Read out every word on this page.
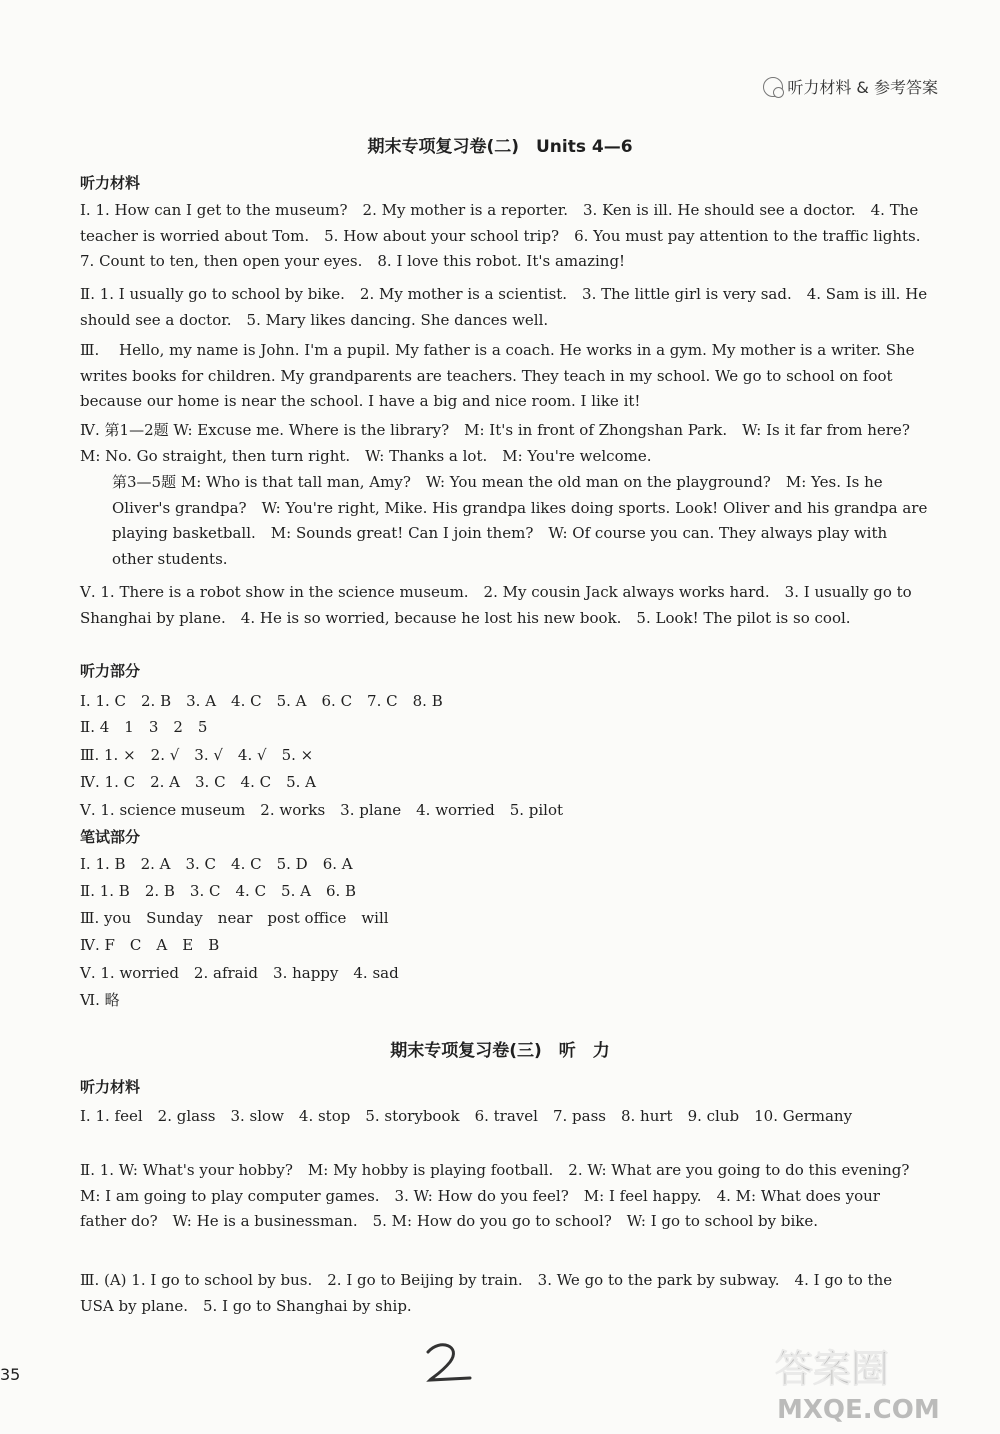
听力材料 & 参考答案
期末专项复习卷(二)　Units 4—6
听力材料
Ⅰ. 1. How can I get to the museum?　2. My mother is a reporter.　3. Ken is ill. He should see a doctor.　4. The teacher is worried about Tom.　5. How about your school trip?　6. You must pay attention to the traffic lights.　7. Count to ten, then open your eyes.　8. I love this robot. It's amazing!
Ⅱ. 1. I usually go to school by bike.　2. My mother is a scientist.　3. The little girl is very sad.　4. Sam is ill. He should see a doctor.　5. Mary likes dancing. She dances well.
Ⅲ. 　Hello, my name is John. I'm a pupil. My father is a coach. He works in a gym. My mother is a writer. She writes books for children. My grandparents are teachers. They teach in my school. We go to school on foot because our home is near the school. I have a big and nice room. I like it!
Ⅳ. 第1—2题 W: Excuse me. Where is the library?　M: It's in front of Zhongshan Park.　W: Is it far from here?　M: No. Go straight, then turn right.　W: Thanks a lot.　M: You're welcome.
第3—5题 M: Who is that tall man, Amy?　W: You mean the old man on the playground?　M: Yes. Is he Oliver's grandpa?　W: You're right, Mike. His grandpa likes doing sports. Look! Oliver and his grandpa are playing basketball.　M: Sounds great! Can I join them?　W: Of course you can. They always play with other students.
Ⅴ. 1. There is a robot show in the science museum.　2. My cousin Jack always works hard.　3. I usually go to Shanghai by plane.　4. He is so worried, because he lost his new book.　5. Look! The pilot is so cool.
听力部分
Ⅰ. 1. C　2. B　3. A　4. C　5. A　6. C　7. C　8. B
Ⅱ. 4　1　3　2　5
Ⅲ. 1. ×　2. √　3. √　4. √　5. ×
Ⅳ. 1. C　2. A　3. C　4. C　5. A
Ⅴ. 1. science museum　2. works　3. plane　4. worried　5. pilot
笔试部分
Ⅰ. 1. B　2. A　3. C　4. C　5. D　6. A
Ⅱ. 1. B　2. B　3. C　4. C　5. A　6. B
Ⅲ. you　Sunday　near　post office　will
Ⅳ. F　C　A　E　B
Ⅴ. 1. worried　2. afraid　3. happy　4. sad
Ⅵ. 略
期末专项复习卷(三)　听　力
听力材料
Ⅰ. 1. feel　2. glass　3. slow　4. stop　5. storybook　6. travel　7. pass　8. hurt　9. club　10. Germany
Ⅱ. 1. W: What's your hobby?　M: My hobby is playing football.　2. W: What are you going to do this evening?　M: I am going to play computer games.　3. W: How do you feel?　M: I feel happy.　4. M: What does your father do?　W: He is a businessman.　5. M: How do you go to school?　W: I go to school by bike.
Ⅲ. (A) 1. I go to school by bus.　2. I go to Beijing by train.　3. We go to the park by subway.　4. I go to the USA by plane.　5. I go to Shanghai by ship.
35
2
答案圈
MXQE.COM
